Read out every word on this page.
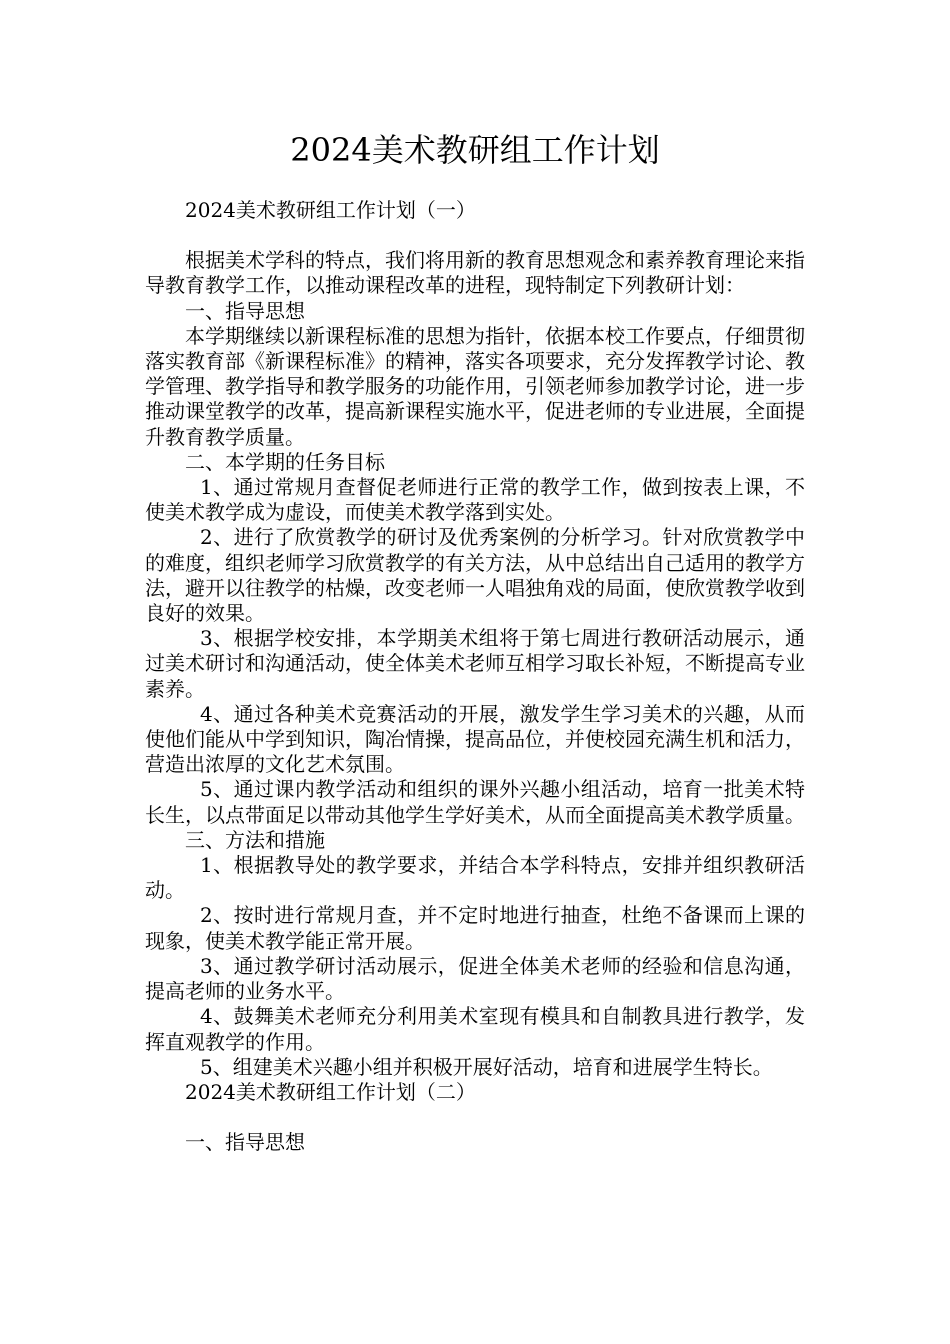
2024美术教研组工作计划

2024美术教研组工作计划（一）

根据美术学科的特点，我们将用新的教育思想观念和素养教育理论来指导教育教学工作，以推动课程改革的进程，现特制定下列教研计划：

一、指导思想

本学期继续以新课程标准的思想为指针，依据本校工作要点，仔细贯彻落实教育部《新课程标准》的精神，落实各项要求，充分发挥教学讨论、教学管理、教学指导和教学服务的功能作用，引领老师参加教学讨论，进一步推动课堂教学的改革，提高新课程实施水平，促进老师的专业进展，全面提升教育教学质量。

二、本学期的任务目标

1、通过常规月查督促老师进行正常的教学工作，做到按表上课，不使美术教学成为虚设，而使美术教学落到实处。

2、进行了欣赏教学的研讨及优秀案例的分析学习。针对欣赏教学中的难度，组织老师学习欣赏教学的有关方法，从中总结出自己适用的教学方法，避开以往教学的枯燥，改变老师一人唱独角戏的局面，使欣赏教学收到良好的效果。

3、根据学校安排，本学期美术组将于第七周进行教研活动展示，通过美术研讨和沟通活动，使全体美术老师互相学习取长补短，不断提高专业素养。

4、通过各种美术竞赛活动的开展，激发学生学习美术的兴趣，从而使他们能从中学到知识，陶冶情操，提高品位，并使校园充满生机和活力，营造出浓厚的文化艺术氛围。

5、通过课内教学活动和组织的课外兴趣小组活动，培育一批美术特长生，以点带面足以带动其他学生学好美术，从而全面提高美术教学质量。

三、方法和措施

1、根据教导处的教学要求，并结合本学科特点，安排并组织教研活动。

2、按时进行常规月查，并不定时地进行抽查，杜绝不备课而上课的现象，使美术教学能正常开展。

3、通过教学研讨活动展示，促进全体美术老师的经验和信息沟通，提高老师的业务水平。

4、鼓舞美术老师充分利用美术室现有模具和自制教具进行教学，发挥直观教学的作用。

5、组建美术兴趣小组并积极开展好活动，培育和进展学生特长。

2024美术教研组工作计划（二）

一、指导思想
